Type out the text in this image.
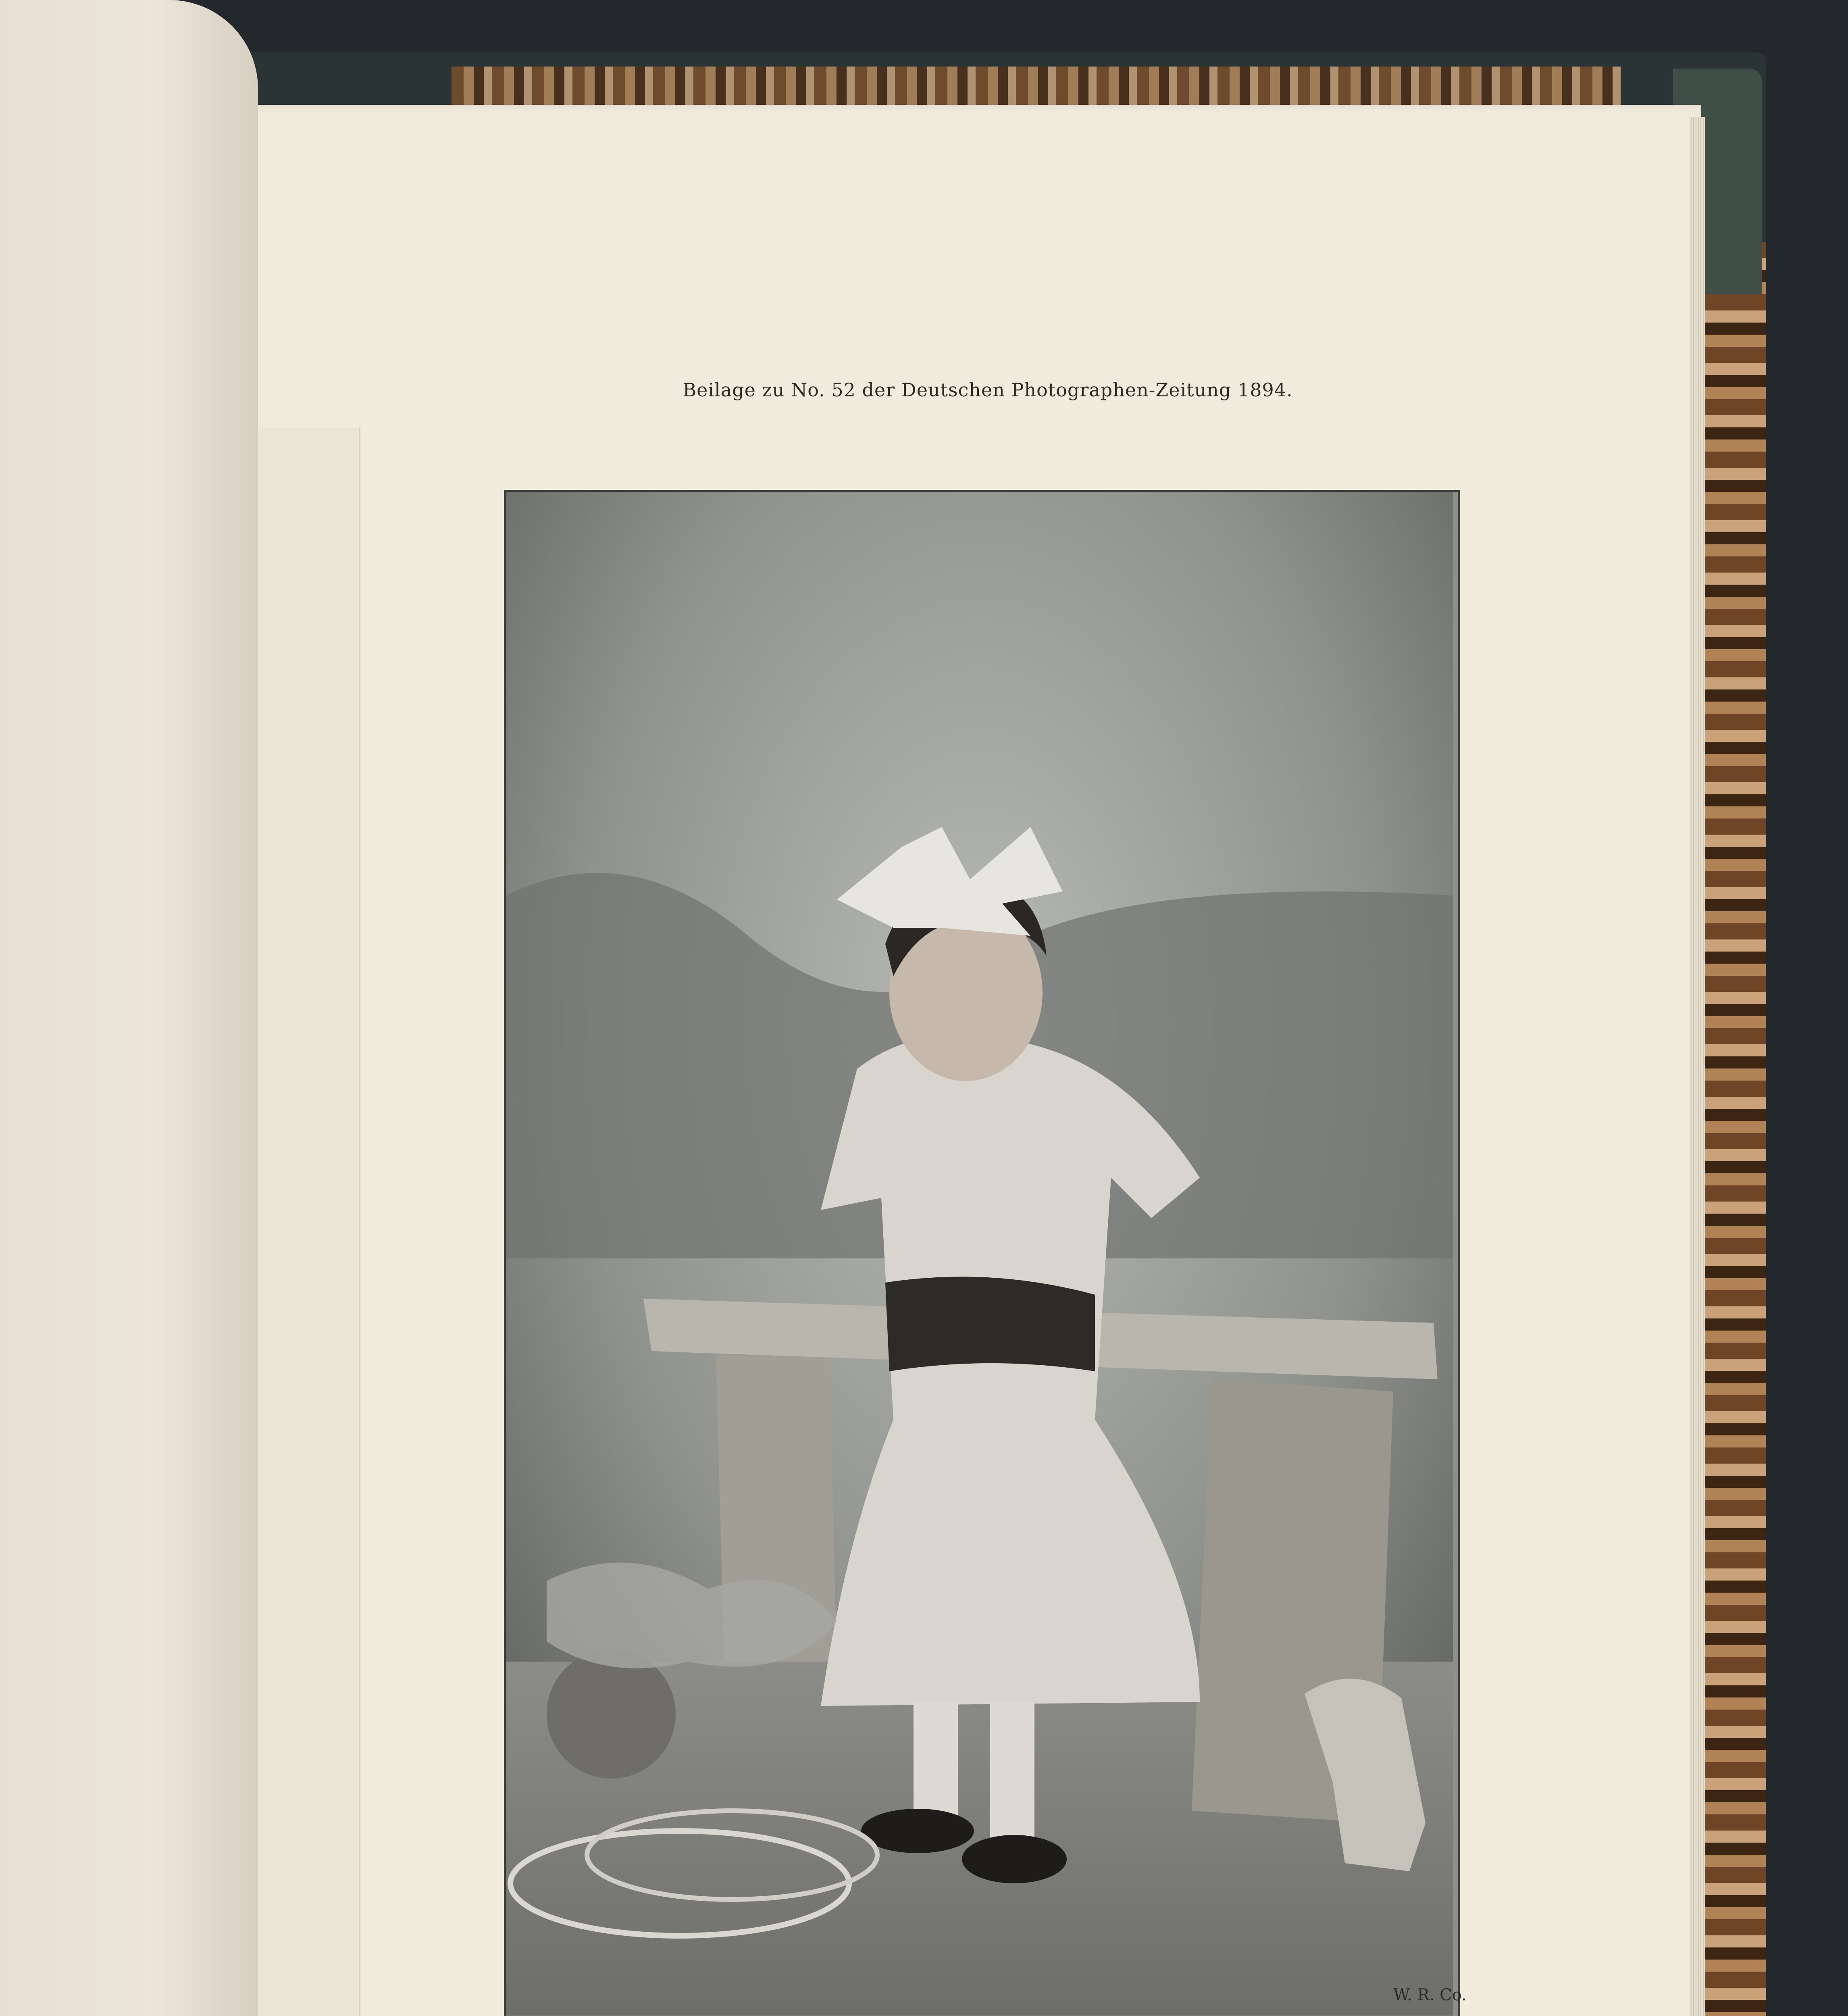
Beilage zu No. 52 der Deutschen Photographen-Zeitung 1894.
W. R. Co.
